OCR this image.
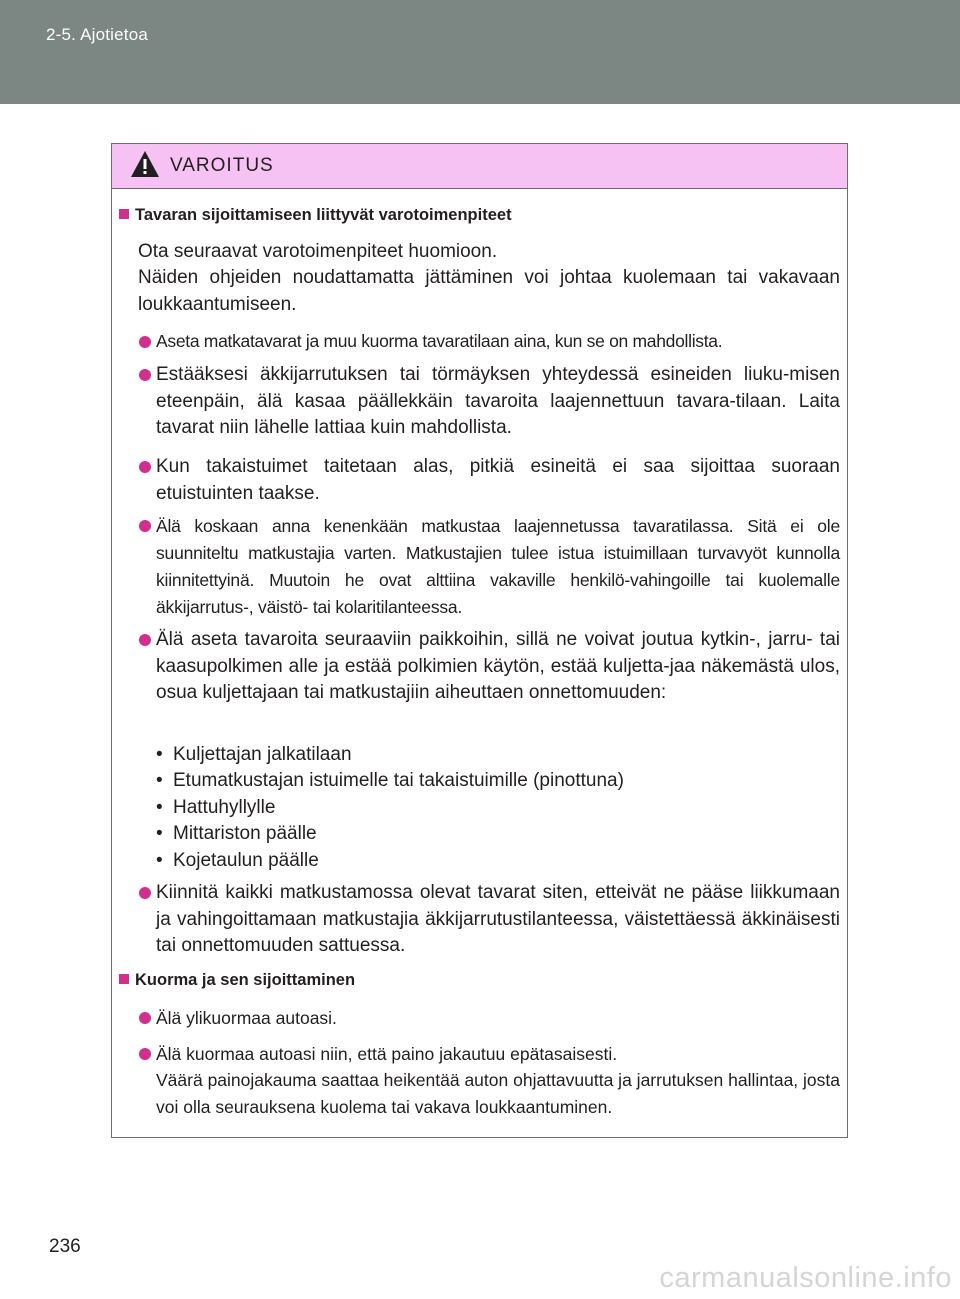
2-5. Ajotietoa
VAROITUS
Tavaran sijoittamiseen liittyvät varotoimenpiteet
Ota seuraavat varotoimenpiteet huomioon.
Näiden ohjeiden noudattamatta jättäminen voi johtaa kuolemaan tai vakavaan loukkaantumiseen.
Aseta matkatavarat ja muu kuorma tavaratilaan aina, kun se on mahdollista.
Estääksesi äkkijarrutuksen tai törmäyksen yhteydessä esineiden liuku-misen eteenpäin, älä kasaa päällekkäin tavaroita laajennettuun tavara-tilaan. Laita tavarat niin lähelle lattiaa kuin mahdollista.
Kun takaistuimet taitetaan alas, pitkiä esineitä ei saa sijoittaa suoraan etuistuinten taakse.
Älä koskaan anna kenenkään matkustaa laajennetussa tavaratilassa. Sitä ei ole suunniteltu matkustajia varten. Matkustajien tulee istua istuimillaan turvavyöt kunnolla kiinnitettyinä. Muutoin he ovat alttiina vakaville henkilö-vahingoille tai kuolemalle äkkijarrutus-, väistö- tai kolaritilanteessa.
Älä aseta tavaroita seuraaviin paikkoihin, sillä ne voivat joutua kytkin-, jarru- tai kaasupolkimen alle ja estää polkimien käytön, estää kuljetta-jaa näkemästä ulos, osua kuljettajaan tai matkustajiin aiheuttaen onnettomuuden:
• Kuljettajan jalkatilaan
• Etumatkustajan istuimelle tai takaistuimille (pinottuna)
• Hattuhyllylle
• Mittariston päälle
• Kojetaulun päälle
Kiinnitä kaikki matkustamossa olevat tavarat siten, etteivät ne pääse liikkumaan ja vahingoittamaan matkustajia äkkijarrutustilanteessa, väistettäessä äkkinäisesti tai onnettomuuden sattuessa.
Kuorma ja sen sijoittaminen
Älä ylikuormaa autoasi.
Älä kuormaa autoasi niin, että paino jakautuu epätasaisesti.
Väärä painojakauma saattaa heikentää auton ohjattavuutta ja jarrutuksen hallintaa, josta voi olla seurauksena kuolema tai vakava loukkaantuminen.
236
carmanualsonline.info
